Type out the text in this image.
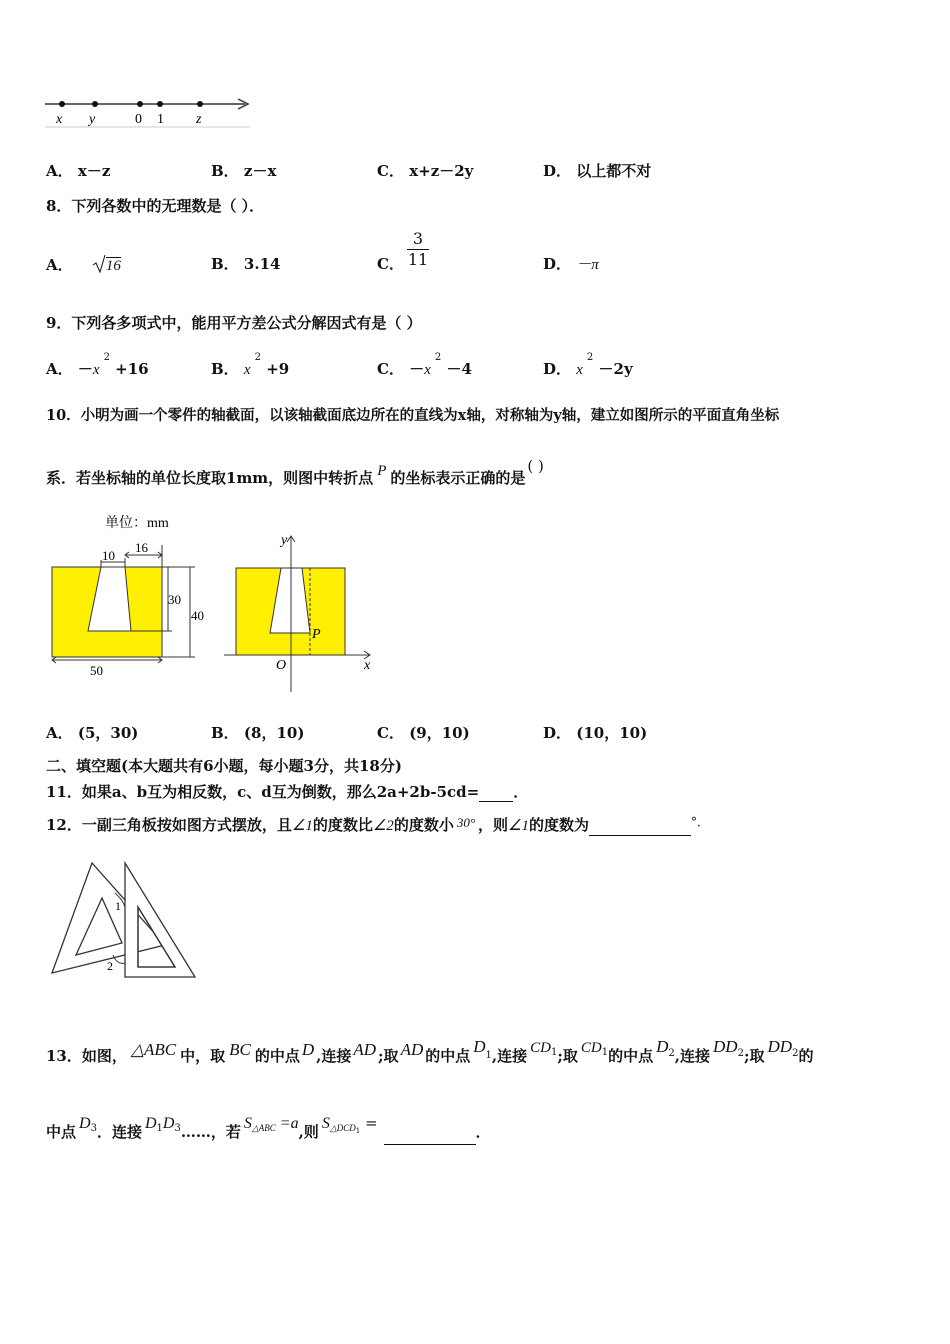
x y	0 1 z
A． x－z	B． z－x	C． x+z－2y	D． 以上都不对
8．下列各数中的无理数是（ ）．
A． 16	B． 3.14	C． $\frac{3}{11}$	D． －π
9．下列各多项式中，能用平方差公式分解因式有是（ ）
A． $-x^2 +16$	B． $x^2 +9$	C． $-x^2 -4$	D． $x^2 -2y$
10．小明为画一个零件的轴截面，以该轴截面底边所在的直线为x轴，对称轴为y轴，建立如图所示的平面直角坐标
系．若坐标轴的单位长度取1mm，则图中转折点 P 的坐标表示正确的是( )
单位：mm
10
16
30
40
50
y
x
O
P
A． (5，30)	B． (8，10)	C． (9，10)	D． (10，10)
二、填空题(本大题共有6小题，每小题3分，共18分)
11．如果a、b互为相反数，c、d互为倒数，那么2a+2b-5cd= ．
12．一副三角板按如图方式摆放，且∠1的度数比∠2的度数小 30° ，则∠1的度数为	°．
1
2
13．如图， △ABC 中，取 BC 的中点 D ,连接 AD ;取 AD 的中点 $D^1$,连接 $CD^1$;取 $CD^1$的中点 $D^2$,连接 $DD^2$;取 $DD^2$的
中点 $D^3$．连接 $D^1D^3\dots\dots$，若 $S^{\triangle ABC} =a$,则 $S^{\triangle DCD1}$ =	．
